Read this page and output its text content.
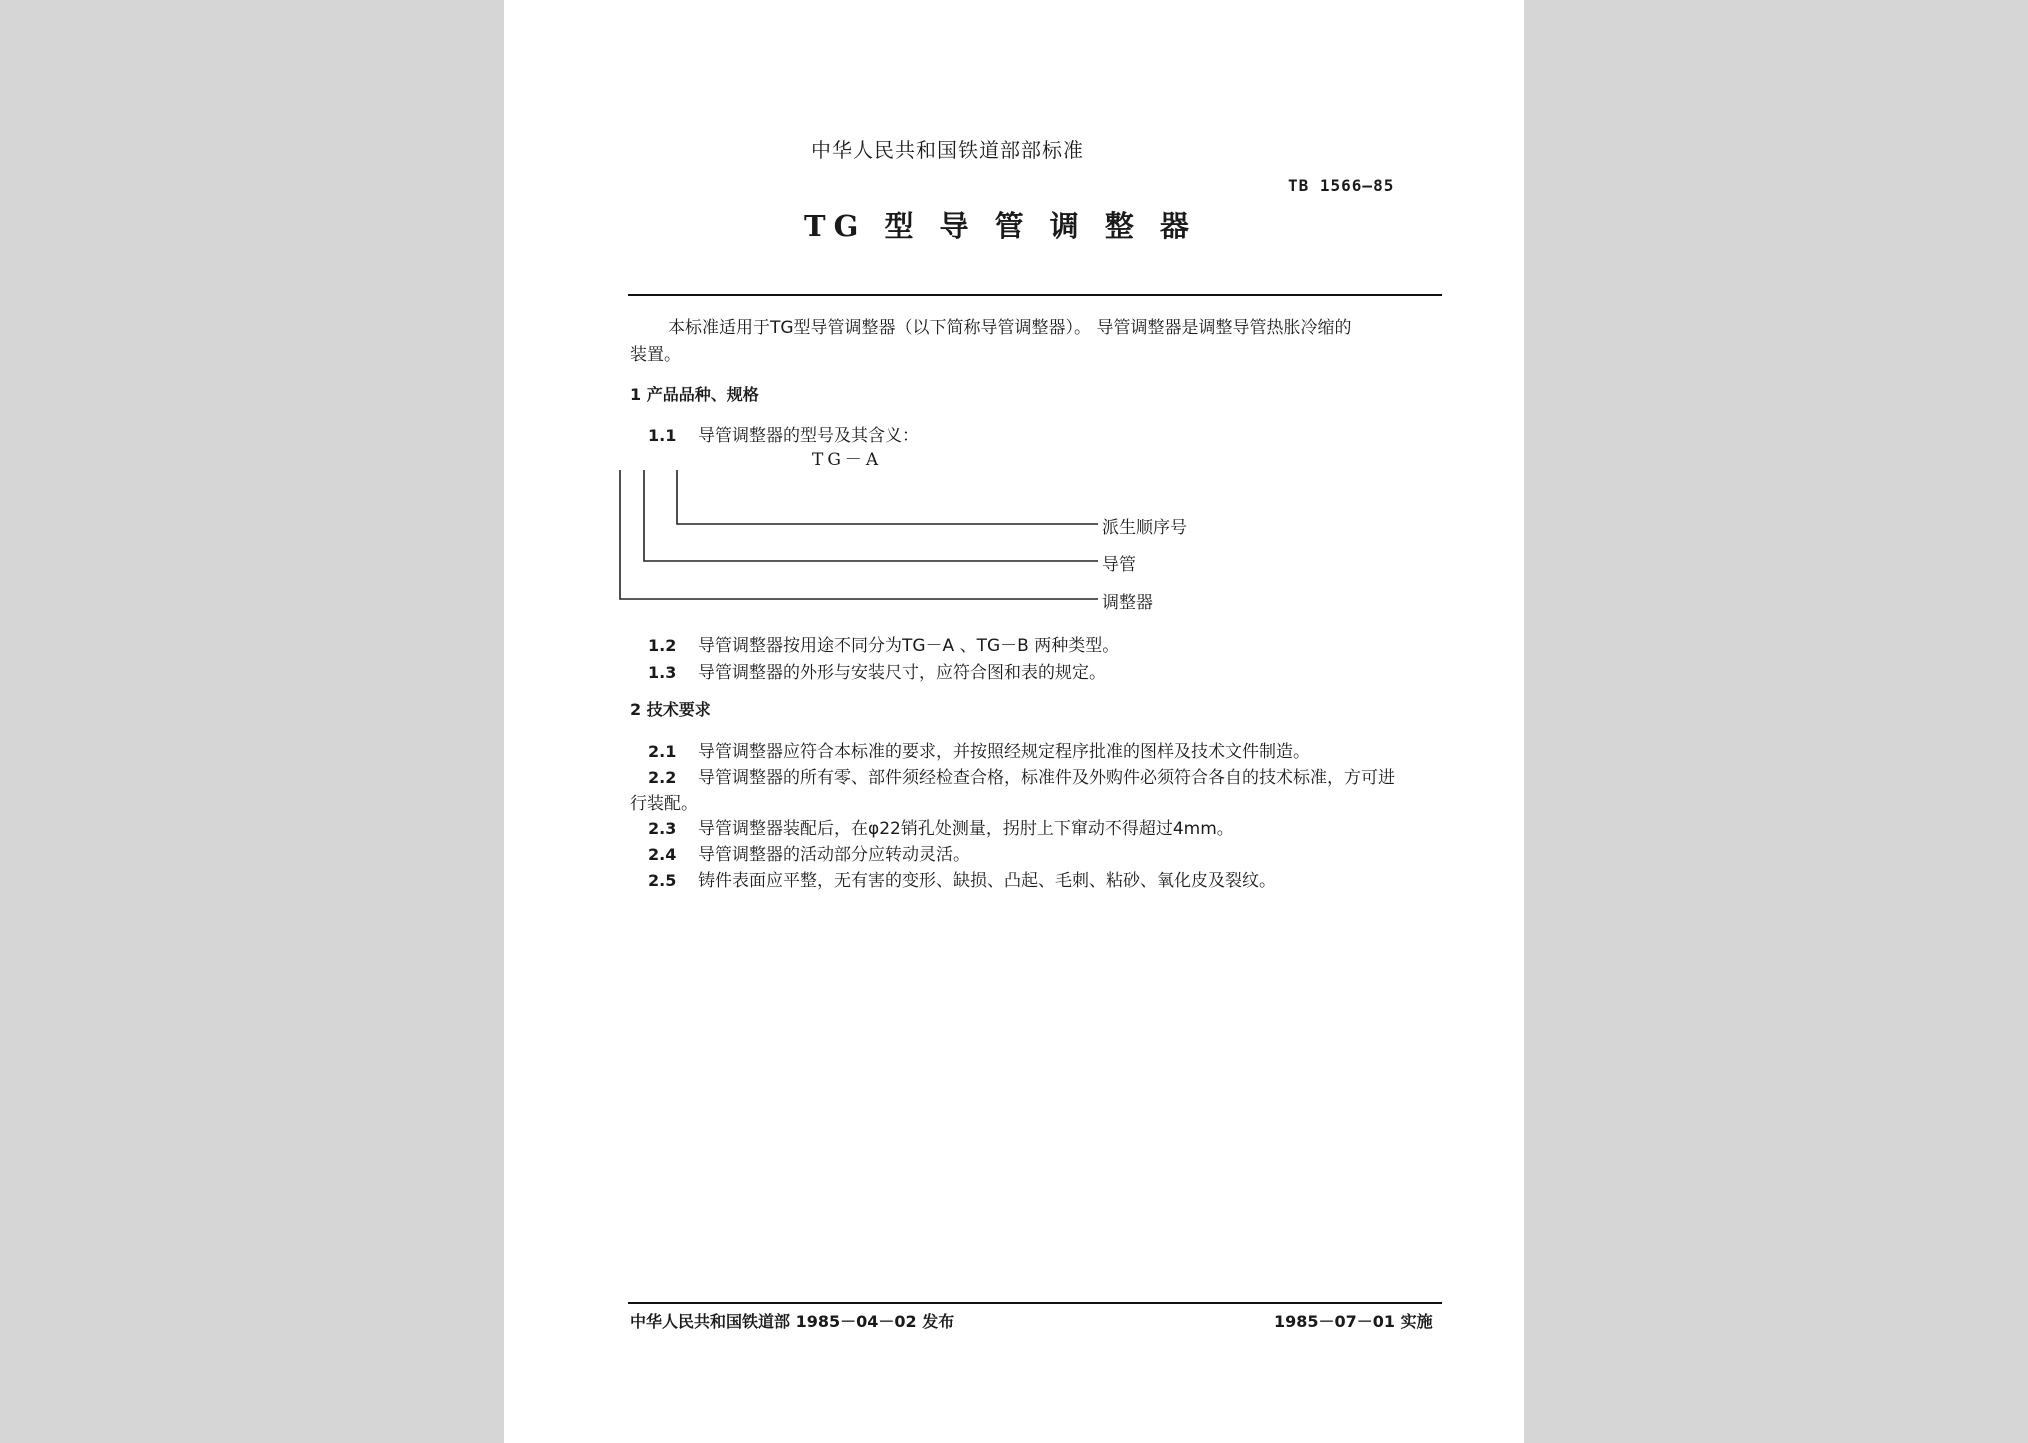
中华人民共和国铁道部部标准
TB 1566—85
TG 型 导 管 调 整 器
本标准适用于TG型导管调整器（以下简称导管调整器）。 导管调整器是调整导管热胀冷缩的
装置。
1 产品品种、规格
1.1 导管调整器的型号及其含义：
TG－A
派生顺序号
导管
调整器
1.2 导管调整器按用途不同分为TG－A 、TG－B 两种类型。
1.3 导管调整器的外形与安装尺寸，应符合图和表的规定。
2 技术要求
2.1 导管调整器应符合本标准的要求，并按照经规定程序批准的图样及技术文件制造。
2.2 导管调整器的所有零、部件须经检查合格，标准件及外购件必须符合各自的技术标准，方可进
行装配。
2.3 导管调整器装配后，在φ22销孔处测量，拐肘上下窜动不得超过4mm。
2.4 导管调整器的活动部分应转动灵活。
2.5 铸件表面应平整，无有害的变形、缺损、凸起、毛刺、粘砂、氧化皮及裂纹。
中华人民共和国铁道部 1985－04－02 发布	1985－07－01 实施
